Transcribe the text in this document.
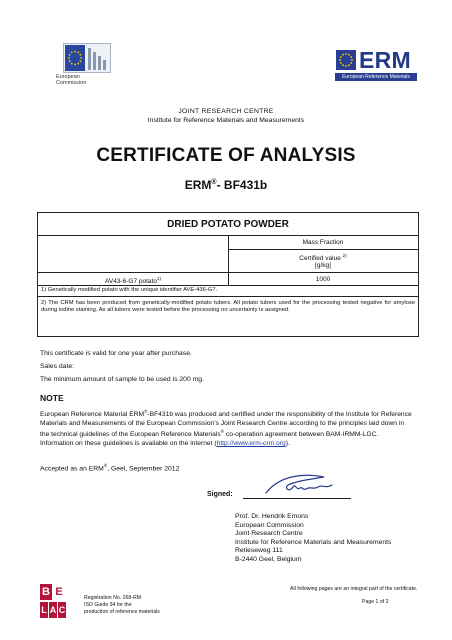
European
Commission
ERM
European Reference Materials
JOINT RESEARCH CENTRE
Institute for Reference Materials and Measurements
CERTIFICATE OF ANALYSIS
ERM®- BF431b
DRIED POTATO POWDER
Mass Fraction
Certified value $^{2)}$
[g/kg]
AV43-6-G7 potato$^{1)}$	1000
1) Genetically modified potato with the unique identifier AVE-436-G7.
2) The CRM has been produced from genetically-modified potato tubers. All potato tubers used for the processing tested negative for amylose during iodine staining. As all tubers were tested before the processing no uncertainty is assigned.
This certificate is valid for one year after purchase.
Sales date:
The minimum amount of sample to be used is 200 mg.
NOTE
European Reference Material ERM®-BF431b was produced and certified under the responsibility of the Institute for Reference Materials and Measurements of the European Commission's Joint Research Centre according to the principles laid down in the technical guidelines of the European Reference Materials® co-operation agreement between BAM-IRMM-LGC. Information on these guidelines is available on the internet (http://www.erm-crm.org).
Accepted as an ERM®, Geel, September 2012
Signed:
Prof. Dr. Hendrik Emons
European Commission
Joint Research Centre
Institute for Reference Materials and Measurements
Retieseweg 111
B-2440 Geel, Belgium
B E
L A C
Registration No. 268-RM
ISO Guide 34 for the
production of reference materials
All following pages are an integral part of the certificate.
Page 1 of 2
